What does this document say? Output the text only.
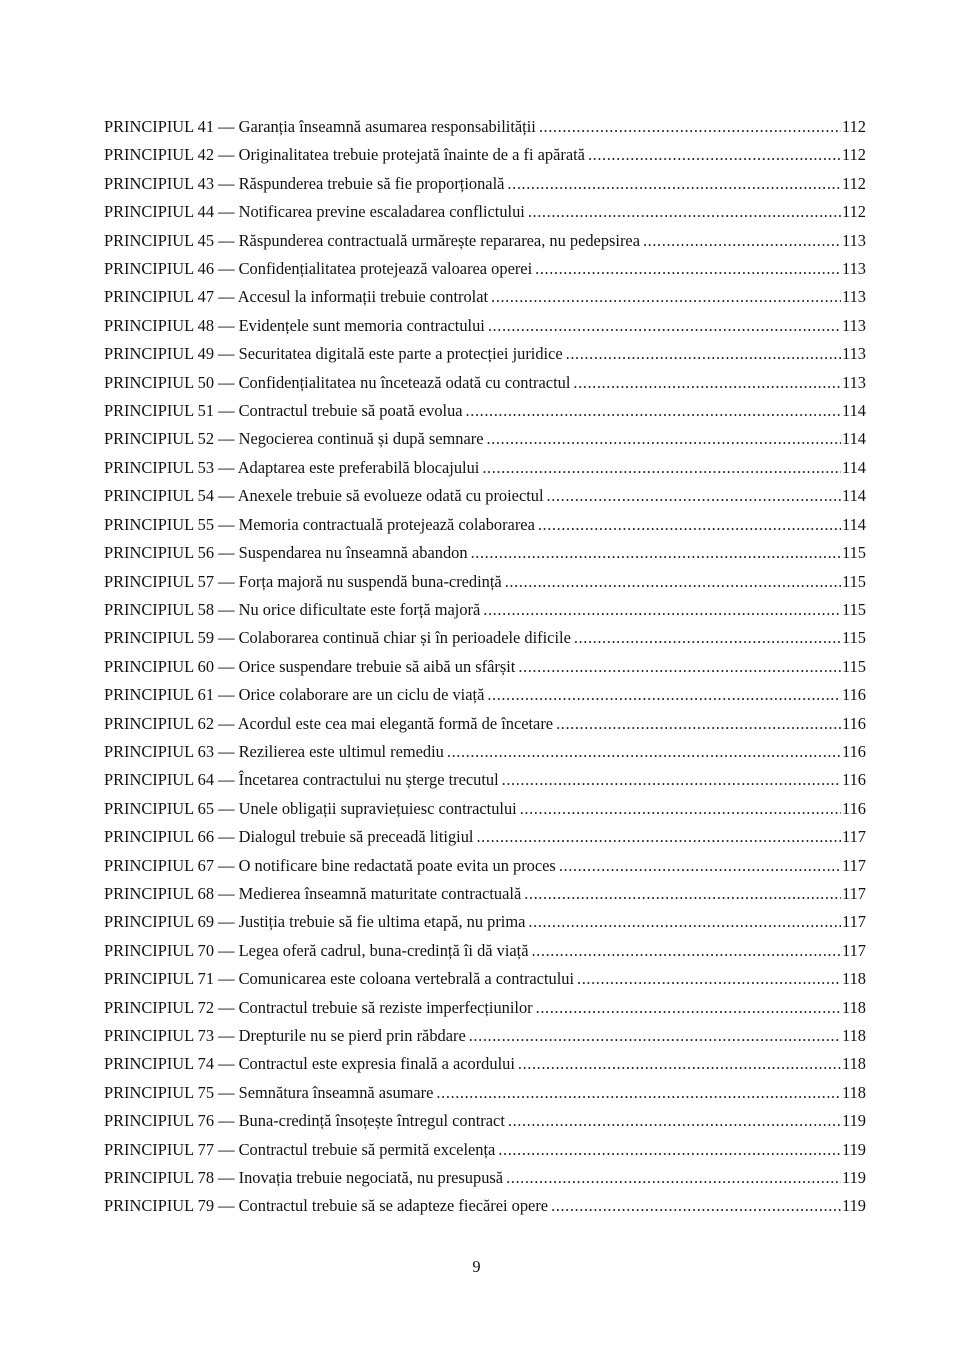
PRINCIPIUL 41 — Garanția înseamnă asumarea responsabilității .....	112
PRINCIPIUL 42 — Originalitatea trebuie protejată înainte de a fi apărată .....	112
PRINCIPIUL 43 — Răspunderea trebuie să fie proporțională .....	112
PRINCIPIUL 44 — Notificarea previne escaladarea conflictului .....	112
PRINCIPIUL 45 — Răspunderea contractuală urmărește repararea, nu pedepsirea .....	113
PRINCIPIUL 46 — Confidențialitatea protejează valoarea operei .....	113
PRINCIPIUL 47 — Accesul la informații trebuie controlat .....	113
PRINCIPIUL 48 — Evidențele sunt memoria contractului .....	113
PRINCIPIUL 49 — Securitatea digitală este parte a protecției juridice .....	113
PRINCIPIUL 50 — Confidențialitatea nu încetează odată cu contractul .....	113
PRINCIPIUL 51 — Contractul trebuie să poată evolua .....	114
PRINCIPIUL 52 — Negocierea continuă și după semnare .....	114
PRINCIPIUL 53 — Adaptarea este preferabilă blocajului .....	114
PRINCIPIUL 54 — Anexele trebuie să evolueze odată cu proiectul .....	114
PRINCIPIUL 55 — Memoria contractuală protejează colaborarea .....	114
PRINCIPIUL 56 — Suspendarea nu înseamnă abandon .....	115
PRINCIPIUL 57 — Forța majoră nu suspendă buna-credință .....	115
PRINCIPIUL 58 — Nu orice dificultate este forță majoră .....	115
PRINCIPIUL 59 — Colaborarea continuă chiar și în perioadele dificile .....	115
PRINCIPIUL 60 — Orice suspendare trebuie să aibă un sfârșit .....	115
PRINCIPIUL 61 — Orice colaborare are un ciclu de viață .....	116
PRINCIPIUL 62 — Acordul este cea mai elegantă formă de încetare .....	116
PRINCIPIUL 63 — Rezilierea este ultimul remediu .....	116
PRINCIPIUL 64 — Încetarea contractului nu șterge trecutul .....	116
PRINCIPIUL 65 — Unele obligații supraviețuiesc contractului .....	116
PRINCIPIUL 66 — Dialogul trebuie să preceadă litigiul .....	117
PRINCIPIUL 67 — O notificare bine redactată poate evita un proces .....	117
PRINCIPIUL 68 — Medierea înseamnă maturitate contractuală .....	117
PRINCIPIUL 69 — Justiția trebuie să fie ultima etapă, nu prima .....	117
PRINCIPIUL 70 — Legea oferă cadrul, buna-credință îi dă viață .....	117
PRINCIPIUL 71 — Comunicarea este coloana vertebrală a contractului .....	118
PRINCIPIUL 72 — Contractul trebuie să reziste imperfecțiunilor .....	118
PRINCIPIUL 73 — Drepturile nu se pierd prin răbdare .....	118
PRINCIPIUL 74 — Contractul este expresia finală a acordului .....	118
PRINCIPIUL 75 — Semnătura înseamnă asumare .....	118
PRINCIPIUL 76 — Buna-credință însoțește întregul contract .....	119
PRINCIPIUL 77 — Contractul trebuie să permită excelența .....	119
PRINCIPIUL 78 — Inovația trebuie negociată, nu presupusă .....	119
PRINCIPIUL 79 — Contractul trebuie să se adapteze fiecărei opere .....	119
9
